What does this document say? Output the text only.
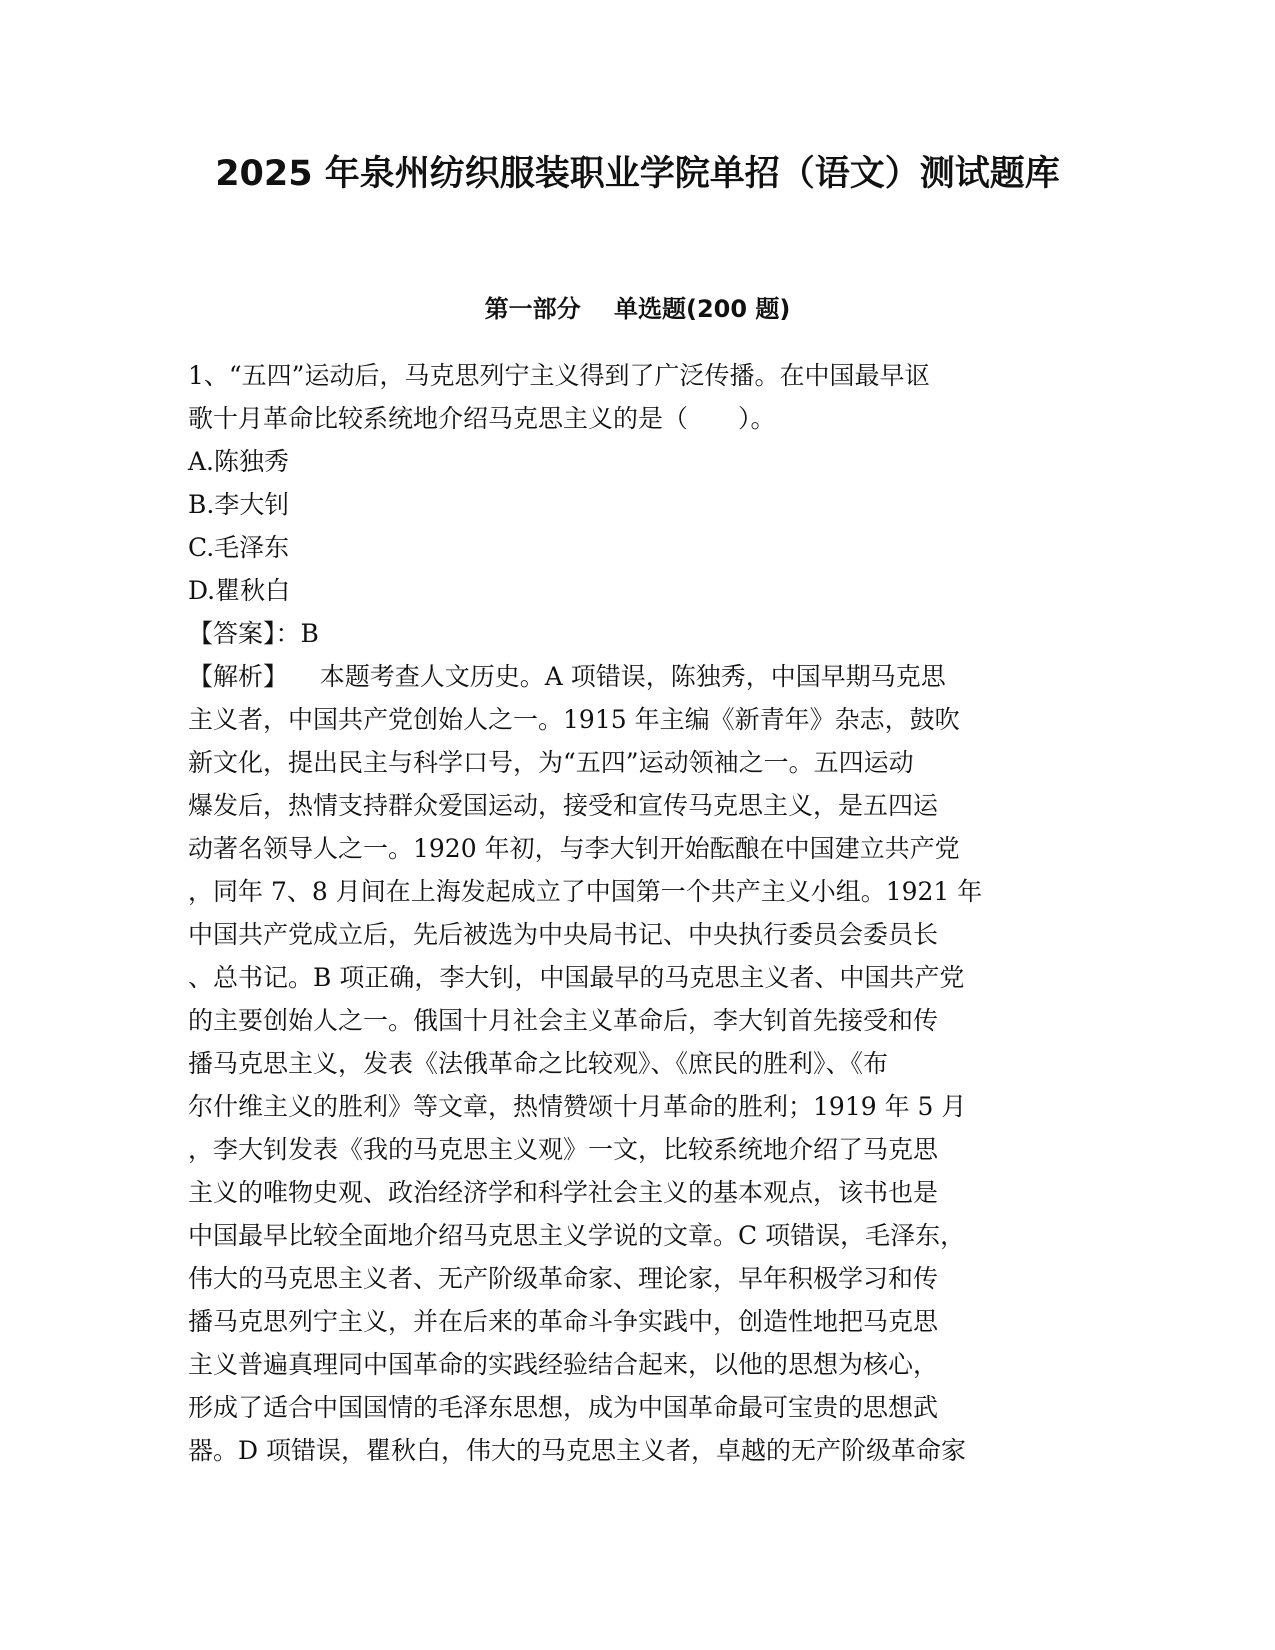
2025 年泉州纺织服装职业学院单招（语文）测试题库
第一部分    单选题(200 题)
1、“五四”运动后，马克思列宁主义得到了广泛传播。在中国最早讴
歌十月革命比较系统地介绍马克思主义的是（　　）。
A.陈独秀
B.李大钊
C.毛泽东
D.瞿秋白
【答案】：B
【解析】    本题考查人文历史。A 项错误，陈独秀，中国早期马克思
主义者，中国共产党创始人之一。1915 年主编《新青年》杂志，鼓吹
新文化，提出民主与科学口号，为“五四”运动领袖之一。五四运动
爆发后，热情支持群众爱国运动，接受和宣传马克思主义，是五四运
动著名领导人之一。1920 年初，与李大钊开始酝酿在中国建立共产党
，同年 7、8 月间在上海发起成立了中国第一个共产主义小组。1921 年
中国共产党成立后，先后被选为中央局书记、中央执行委员会委员长
、总书记。B 项正确，李大钊，中国最早的马克思主义者、中国共产党
的主要创始人之一。俄国十月社会主义革命后，李大钊首先接受和传
播马克思主义，发表《法俄革命之比较观》、《庶民的胜利》、《布
尔什维主义的胜利》等文章，热情赞颂十月革命的胜利；1919 年 5 月
，李大钊发表《我的马克思主义观》一文，比较系统地介绍了马克思
主义的唯物史观、政治经济学和科学社会主义的基本观点，该书也是
中国最早比较全面地介绍马克思主义学说的文章。C 项错误，毛泽东，
伟大的马克思主义者、无产阶级革命家、理论家，早年积极学习和传
播马克思列宁主义，并在后来的革命斗争实践中，创造性地把马克思
主义普遍真理同中国革命的实践经验结合起来，以他的思想为核心，
形成了适合中国国情的毛泽东思想，成为中国革命最可宝贵的思想武
器。D 项错误，瞿秋白，伟大的马克思主义者，卓越的无产阶级革命家
